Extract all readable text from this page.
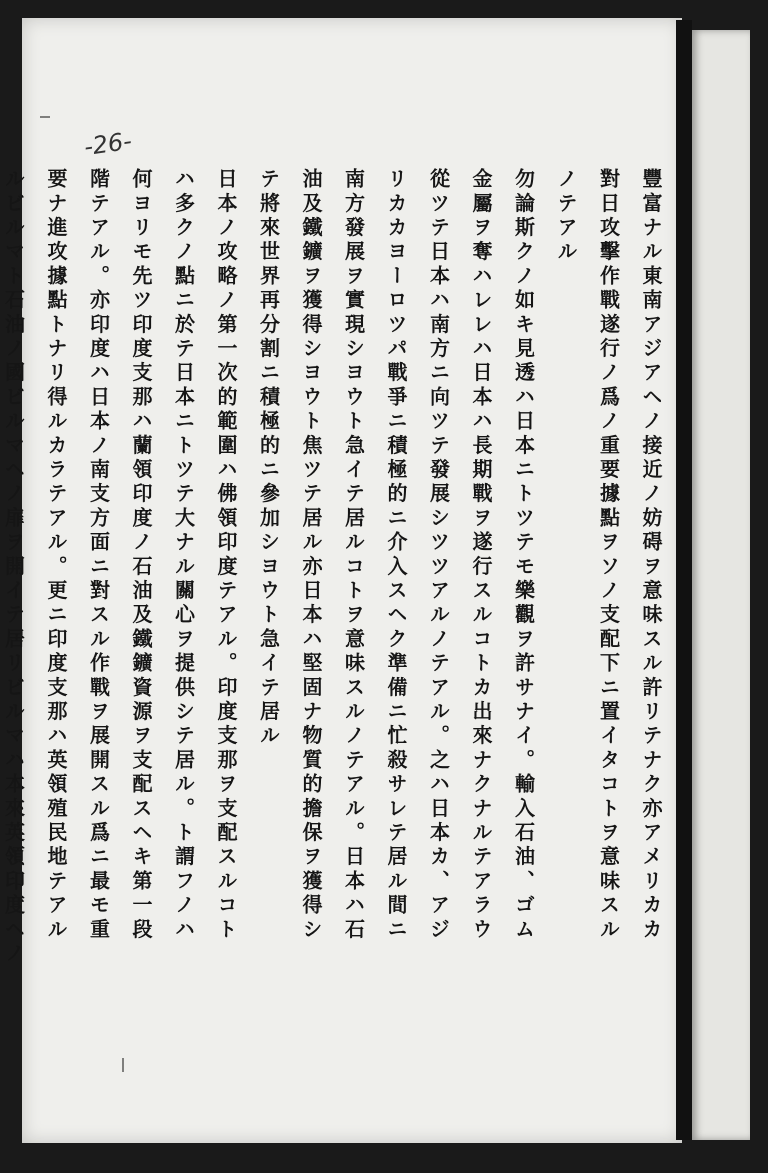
-26-
豐富ナル東南アジアヘノ接近ノ妨碍ヲ意味スル許リテナク亦アメリカカ
對日攻擊作戰遂行ノ爲ノ重要據點ヲソノ支配下ニ置イタコトヲ意味スル
ノテアル
勿論斯クノ如キ見透ハ日本ニトツテモ樂觀ヲ許サナイ。輸入石油、ゴム
金屬ヲ奪ハレレハ日本ハ長期戰ヲ遂行スルコトカ出來ナクナルテアラウ
從ツテ日本ハ南方ニ向ツテ發展シツツアルノテアル。之ハ日本カ、アジ
リカカヨーロツパ戰爭ニ積極的ニ介入スヘク準備ニ忙殺サレテ居ル間ニ
南方發展ヲ實現シヨウト急イテ居ルコトヲ意味スルノテアル。日本ハ石
油及鐵鑛ヲ獲得シヨウト焦ツテ居ル亦日本ハ堅固ナ物質的擔保ヲ獲得シ
テ將來世界再分割ニ積極的ニ參加シヨウト急イテ居ル
日本ノ攻略ノ第一次的範圍ハ佛領印度テアル。印度支那ヲ支配スルコト
ハ多クノ點ニ於テ日本ニトツテ大ナル關心ヲ提供シテ居ル。ト謂フノハ
何ヨリモ先ツ印度支那ハ蘭領印度ノ石油及鐵鑛資源ヲ支配スヘキ第一段
階テアル。亦印度ハ日本ノ南支方面ニ對スル作戰ヲ展開スル爲ニ最モ重
要ナ進攻據點トナリ得ルカラテアル。更ニ印度支那ハ英領殖民地テアル
ルビルマト石油ノ國ビルマヘノ扉ヲ開イテ居リビルマハ本來英領印度ヘノ
